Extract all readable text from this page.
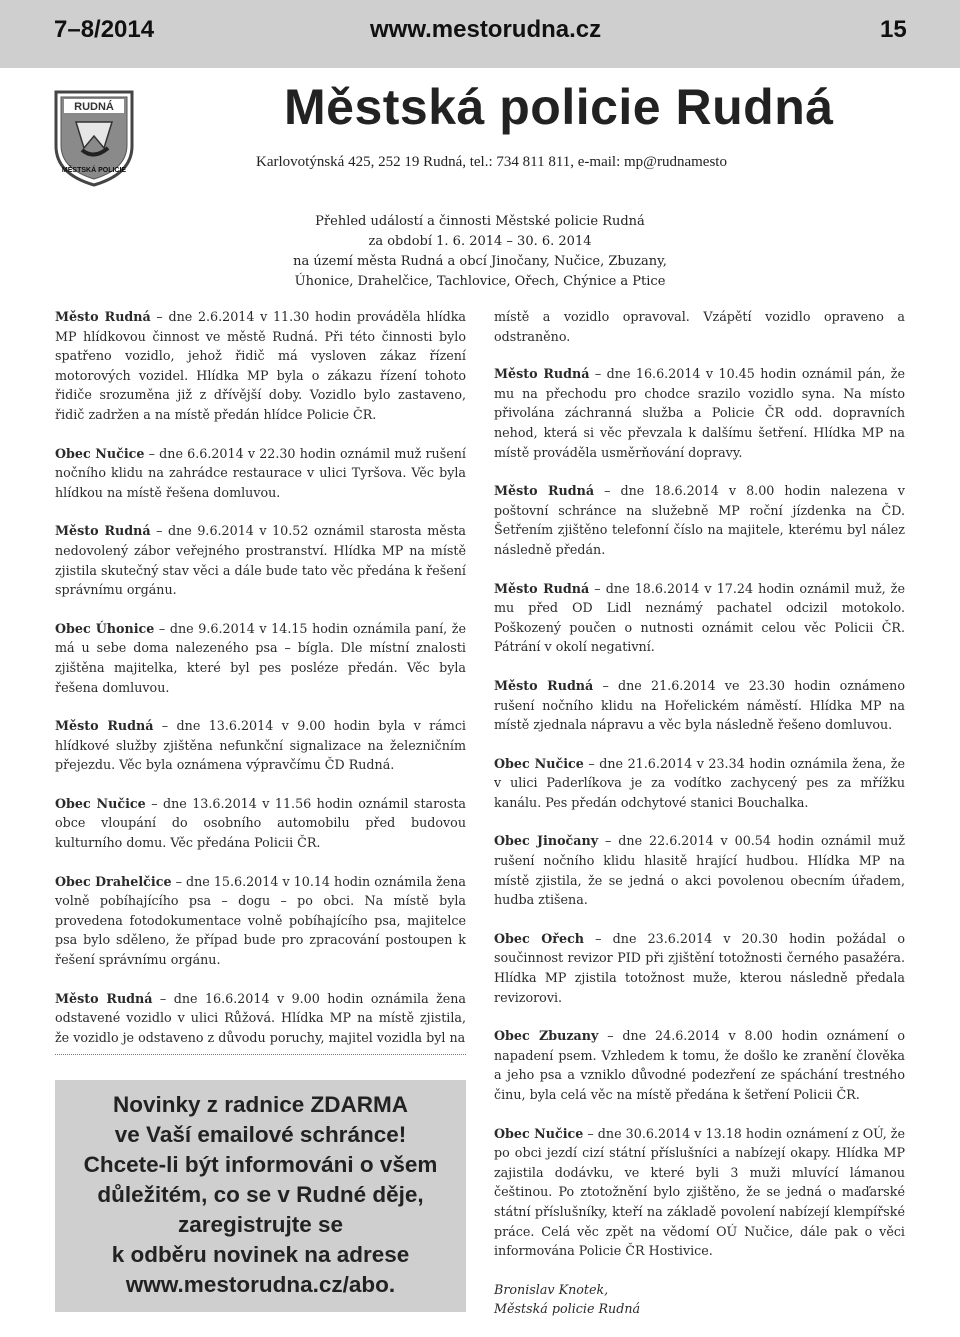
7–8/2014	www.mestorudna.cz	15
RUDNÁ
MĚSTSKÁ POLICIE
Městská policie Rudná
Karlovotýnská 425, 252 19 Rudná, tel.: 734 811 811, e-mail: mp@rudnamesto
Přehled událostí a činnosti Městské policie Rudná
za období 1. 6. 2014 – 30. 6. 2014
na území města Rudná a obcí Jinočany, Nučice, Zbuzany,
Úhonice, Drahelčice, Tachlovice, Ořech, Chýnice a Ptice
Město Rudná – dne 2.6.2014 v 11.30 hodin prováděla hlídka MP hlídkovou činnost ve městě Rudná. Při této činnosti bylo spatřeno vozidlo, jehož řidič má vysloven zákaz řízení motorových vozidel. Hlídka MP byla o zákazu řízení tohoto řidiče srozuměna již z dřívější doby. Vozidlo bylo zastaveno, řidič zadržen a na místě předán hlídce Policie ČR.
Obec Nučice – dne 6.6.2014 v 22.30 hodin oznámil muž rušení nočního klidu na zahrádce restaurace v ulici Tyršova. Věc byla hlídkou na místě řešena domluvou.
Město Rudná – dne 9.6.2014 v 10.52 oznámil starosta města nedovolený zábor veřejného prostranství. Hlídka MP na místě zjistila skutečný stav věci a dále bude tato věc předána k řešení správnímu orgánu.
Obec Úhonice – dne 9.6.2014 v 14.15 hodin oznámila paní, že má u sebe doma nalezeného psa – bígla. Dle místní znalosti zjištěna majitelka, které byl pes posléze předán. Věc byla řešena domluvou.
Město Rudná – dne 13.6.2014 v 9.00 hodin byla v rámci hlídkové služby zjištěna nefunkční signalizace na železničním přejezdu. Věc byla oznámena výpravčímu ČD Rudná.
Obec Nučice – dne 13.6.2014 v 11.56 hodin oznámil starosta obce vloupání do osobního automobilu před budovou kulturního domu. Věc předána Policii ČR.
Obec Drahelčice – dne 15.6.2014 v 10.14 hodin oznámila žena volně pobíhajícího psa – dogu – po obci. Na místě byla provedena fotodokumentace volně pobíhajícího psa, majitelce psa bylo sděleno, že případ bude pro zpracování postoupen k řešení správnímu orgánu.
Město Rudná – dne 16.6.2014 v 9.00 hodin oznámila žena odstavené vozidlo v ulici Růžová. Hlídka MP na místě zjistila, že vozidlo je odstaveno z důvodu poruchy, majitel vozidla byl na
Novinky z radnice ZDARMA
ve Vaší emailové schránce!
Chcete-li být informováni o všem
důležitém, co se v Rudné děje,
zaregistrujte se
k odběru novinek na adrese
www.mestorudna.cz/abo.
místě a vozidlo opravoval. Vzápětí vozidlo opraveno a odstraněno.
Město Rudná – dne 16.6.2014 v 10.45 hodin oznámil pán, že mu na přechodu pro chodce srazilo vozidlo syna. Na místo přivolána záchranná služba a Policie ČR odd. dopravních nehod, která si věc převzala k dalšímu šetření. Hlídka MP na místě prováděla usměrňování dopravy.
Město Rudná – dne 18.6.2014 v 8.00 hodin nalezena v poštovní schránce na služebně MP roční jízdenka na ČD. Šetřením zjištěno telefonní číslo na majitele, kterému byl nález následně předán.
Město Rudná – dne 18.6.2014 v 17.24 hodin oznámil muž, že mu před OD Lidl neznámý pachatel odcizil motokolo. Poškozený poučen o nutnosti oznámit celou věc Policii ČR. Pátrání v okolí negativní.
Město Rudná – dne 21.6.2014 ve 23.30 hodin oznámeno rušení nočního klidu na Hořelickém náměstí. Hlídka MP na místě zjednala nápravu a věc byla následně řešeno domluvou.
Obec Nučice – dne 21.6.2014 v 23.34 hodin oznámila žena, že v ulici Paderlíkova je za vodítko zachycený pes za mřížku kanálu. Pes předán odchytové stanici Bouchalka.
Obec Jinočany – dne 22.6.2014 v 00.54 hodin oznámil muž rušení nočního klidu hlasitě hrající hudbou. Hlídka MP na místě zjistila, že se jedná o akci povolenou obecním úřadem, hudba ztišena.
Obec Ořech – dne 23.6.2014 v 20.30 hodin požádal o součinnost revizor PID při zjištění totožnosti černého pasažéra. Hlídka MP zjistila totožnost muže, kterou následně předala revizorovi.
Obec Zbuzany – dne 24.6.2014 v 8.00 hodin oznámení o napadení psem. Vzhledem k tomu, že došlo ke zranění člověka a jeho psa a vzniklo důvodné podezření ze spáchání trestného činu, byla celá věc na místě předána k šetření Policii ČR.
Obec Nučice – dne 30.6.2014 v 13.18 hodin oznámení z OÚ, že po obci jezdí cizí státní příslušníci a nabízejí okapy. Hlídka MP zajistila dodávku, ve které byli 3 muži mluvící lámanou češtinou. Po ztotožnění bylo zjištěno, že se jedná o maďarské státní příslušníky, kteří na základě povolení nabízejí klempířské práce. Celá věc zpět na vědomí OÚ Nučice, dále pak o věci informována Policie ČR Hostivice.
Bronislav Knotek,
Městská policie Rudná
